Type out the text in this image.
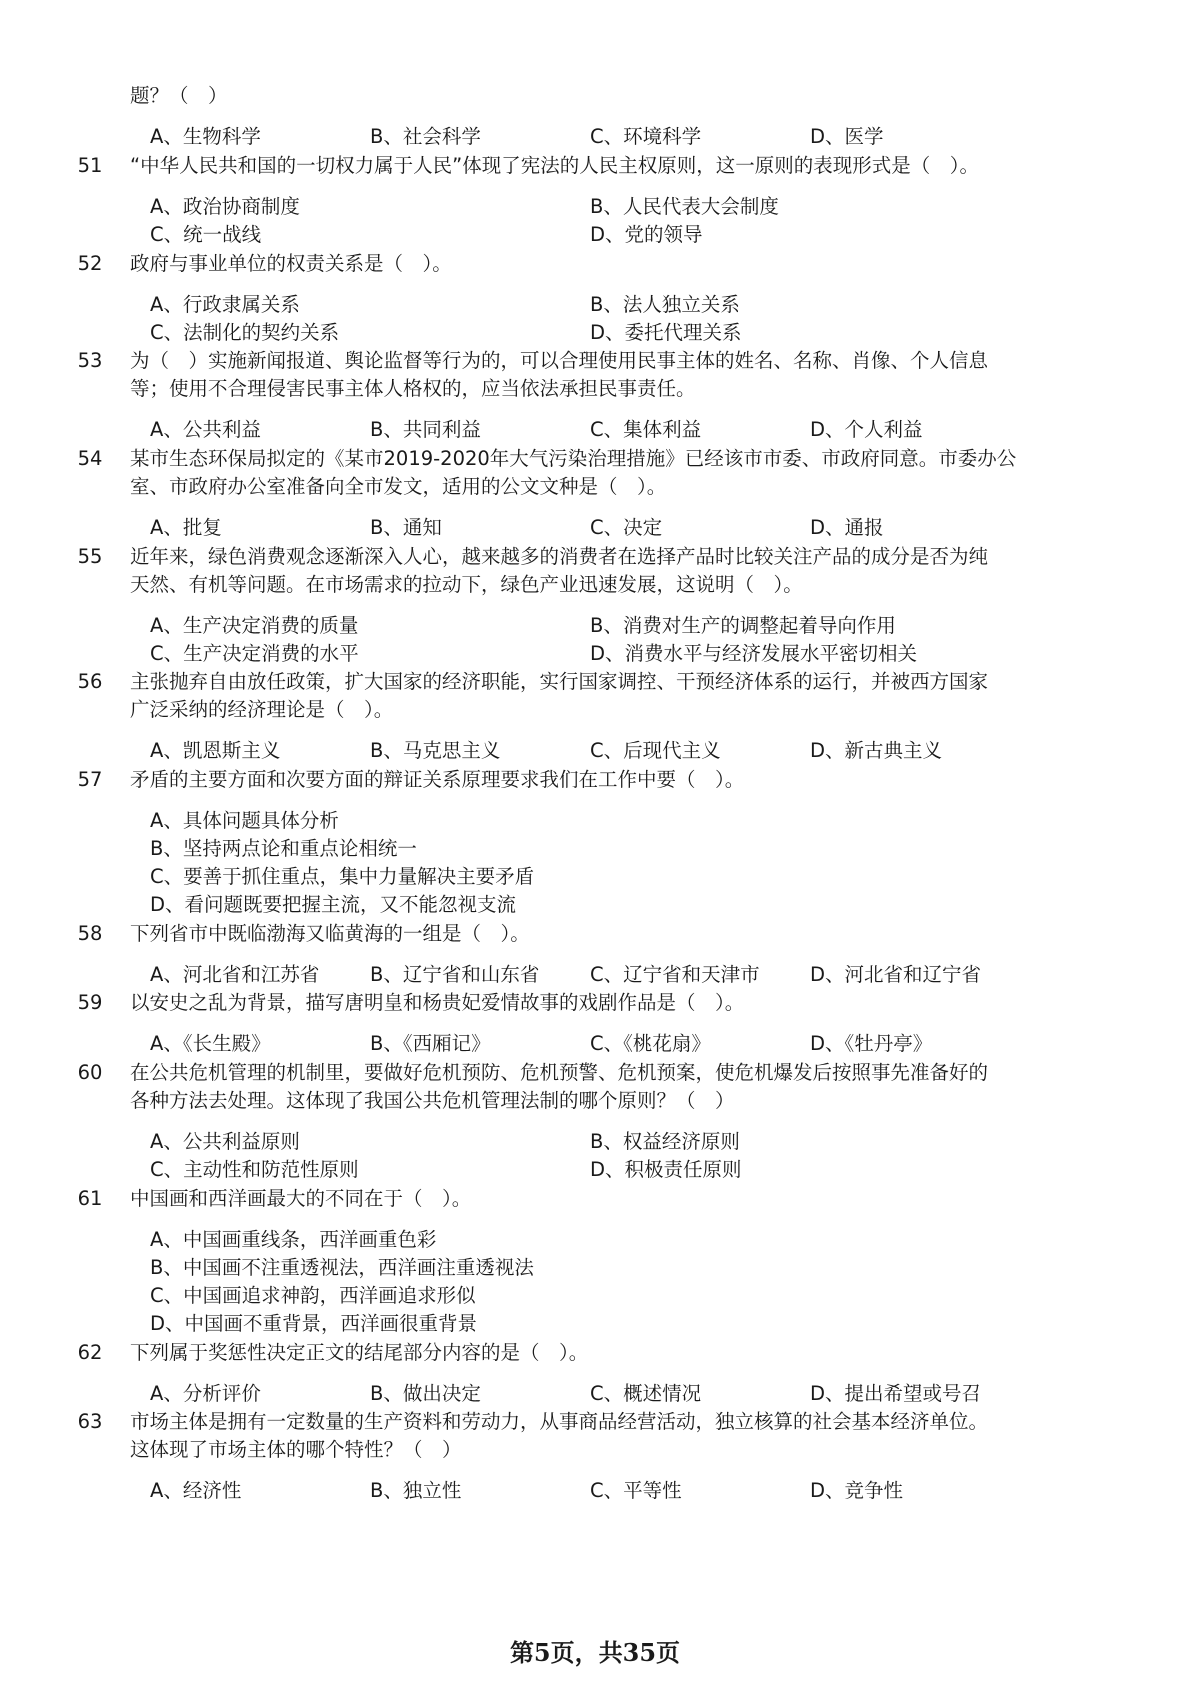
题？（　）
A、生物科学	B、社会科学	C、环境科学	D、医学
51	“中华人民共和国的一切权力属于人民”体现了宪法的人民主权原则，这一原则的表现形式是（　）。
A、政治协商制度	B、人民代表大会制度
C、统一战线	D、党的领导
52	政府与事业单位的权责关系是（　）。
A、行政隶属关系	B、法人独立关系
C、法制化的契约关系	D、委托代理关系
53	为（　）实施新闻报道、舆论监督等行为的，可以合理使用民事主体的姓名、名称、肖像、个人信息
等；使用不合理侵害民事主体人格权的，应当依法承担民事责任。
A、公共利益	B、共同利益	C、集体利益	D、个人利益
54	某市生态环保局拟定的《某市2019-2020年大气污染治理措施》已经该市市委、市政府同意。市委办公
室、市政府办公室准备向全市发文，适用的公文文种是（　）。
A、批复	B、通知	C、决定	D、通报
55	近年来，绿色消费观念逐渐深入人心，越来越多的消费者在选择产品时比较关注产品的成分是否为纯
天然、有机等问题。在市场需求的拉动下，绿色产业迅速发展，这说明（　）。
A、生产决定消费的质量	B、消费对生产的调整起着导向作用
C、生产决定消费的水平	D、消费水平与经济发展水平密切相关
56	主张抛弃自由放任政策，扩大国家的经济职能，实行国家调控、干预经济体系的运行，并被西方国家
广泛采纳的经济理论是（　）。
A、凯恩斯主义	B、马克思主义	C、后现代主义	D、新古典主义
57	矛盾的主要方面和次要方面的辩证关系原理要求我们在工作中要（　）。
A、具体问题具体分析
B、坚持两点论和重点论相统一
C、要善于抓住重点，集中力量解决主要矛盾
D、看问题既要把握主流，又不能忽视支流
58	下列省市中既临渤海又临黄海的一组是（　）。
A、河北省和江苏省	B、辽宁省和山东省	C、辽宁省和天津市	D、河北省和辽宁省
59	以安史之乱为背景，描写唐明皇和杨贵妃爱情故事的戏剧作品是（　）。
A、《长生殿》	B、《西厢记》	C、《桃花扇》	D、《牡丹亭》
60	在公共危机管理的机制里，要做好危机预防、危机预警、危机预案，使危机爆发后按照事先准备好的
各种方法去处理。这体现了我国公共危机管理法制的哪个原则？（　）
A、公共利益原则	B、权益经济原则
C、主动性和防范性原则	D、积极责任原则
61	中国画和西洋画最大的不同在于（　）。
A、中国画重线条，西洋画重色彩
B、中国画不注重透视法，西洋画注重透视法
C、中国画追求神韵，西洋画追求形似
D、中国画不重背景，西洋画很重背景
62	下列属于奖惩性决定正文的结尾部分内容的是（　）。
A、分析评价	B、做出决定	C、概述情况	D、提出希望或号召
63	市场主体是拥有一定数量的生产资料和劳动力，从事商品经营活动，独立核算的社会基本经济单位。
这体现了市场主体的哪个特性？（　）
A、经济性	B、独立性	C、平等性	D、竞争性
第5页，共35页
